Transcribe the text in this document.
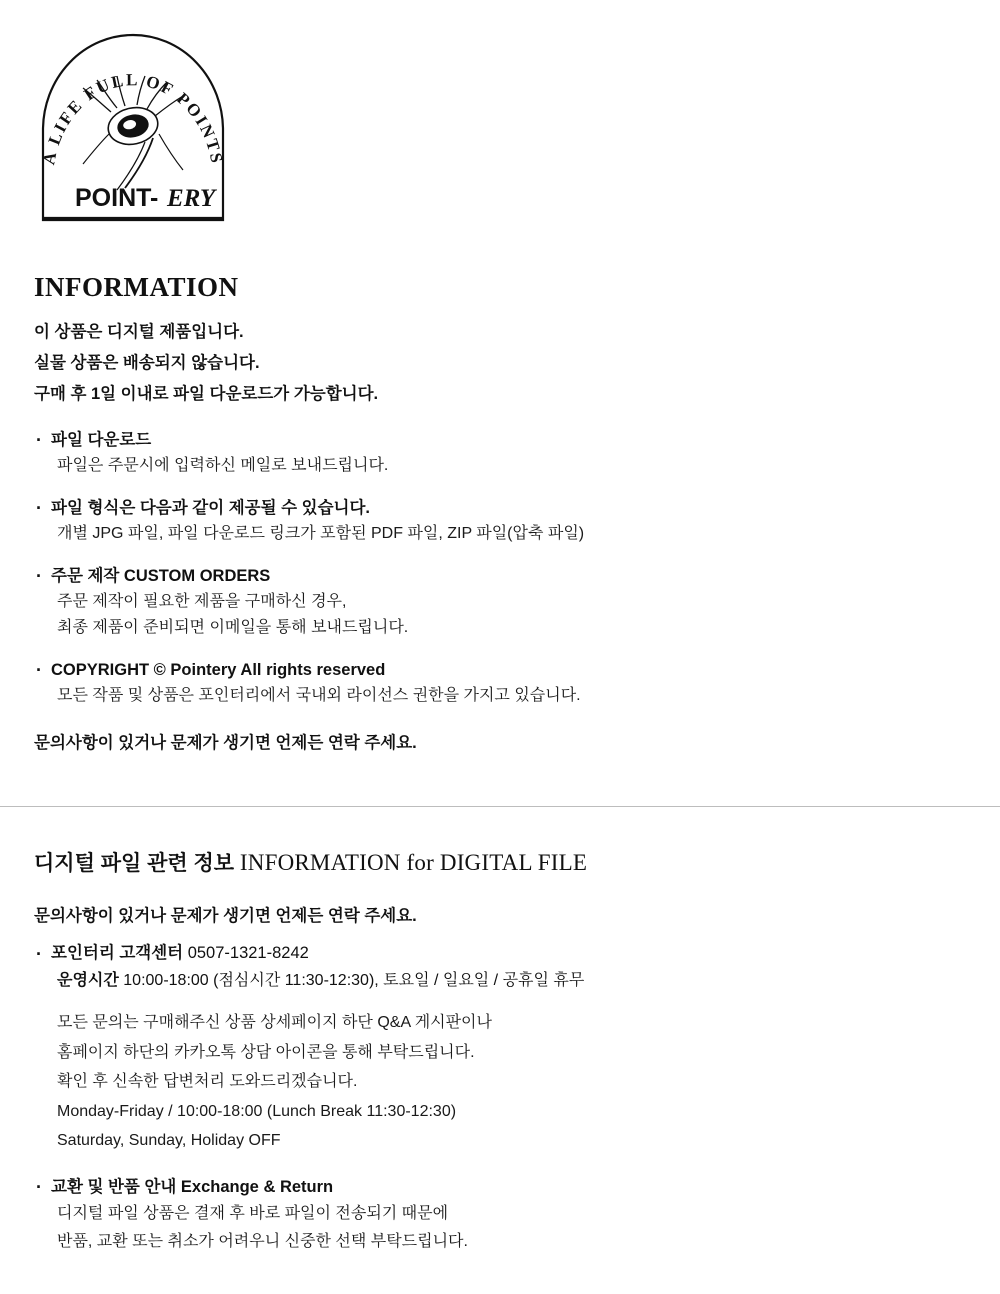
A LIFE FULL OF POINTS
POINT- ERY
INFORMATION

이 상품은 디지털 제품입니다.

실물 상품은 배송되지 않습니다.

구매 후 1일 이내로 파일 다운로드가 가능합니다.

· 파일 다운로드
파일은 주문시에 입력하신 메일로 보내드립니다.
· 파일 형식은 다음과 같이 제공될 수 있습니다.
개별 JPG 파일, 파일 다운로드 링크가 포함된 PDF 파일, ZIP 파일(압축 파일)
· 주문 제작 CUSTOM ORDERS
주문 제작이 필요한 제품을 구매하신 경우,
최종 제품이 준비되면 이메일을 통해 보내드립니다.
· COPYRIGHT © Pointery All rights reserved
모든 작품 및 상품은 포인터리에서 국내외 라이선스 권한을 가지고 있습니다.
문의사항이 있거나 문제가 생기면 언제든 연락 주세요.
디지털 파일 관련 정보 INFORMATION for DIGITAL FILE
문의사항이 있거나 문제가 생기면 언제든 연락 주세요.
· 포인터리 고객센터 0507-1321-8242
운영시간 10:00-18:00 (점심시간 11:30-12:30), 토요일 / 일요일 / 공휴일 휴무

모든 문의는 구매해주신 상품 상세페이지 하단 Q&A 게시판이나

홈페이지 하단의 카카오톡 상담 아이콘을 통해 부탁드립니다.

확인 후 신속한 답변처리 도와드리겠습니다.

Monday-Friday / 10:00-18:00 (Lunch Break 11:30-12:30)

Saturday, Sunday, Holiday OFF

· 교환 및 반품 안내 Exchange & Return
디지털 파일 상품은 결재 후 바로 파일이 전송되기 때문에
반품, 교환 또는 취소가 어려우니 신중한 선택 부탁드립니다.
